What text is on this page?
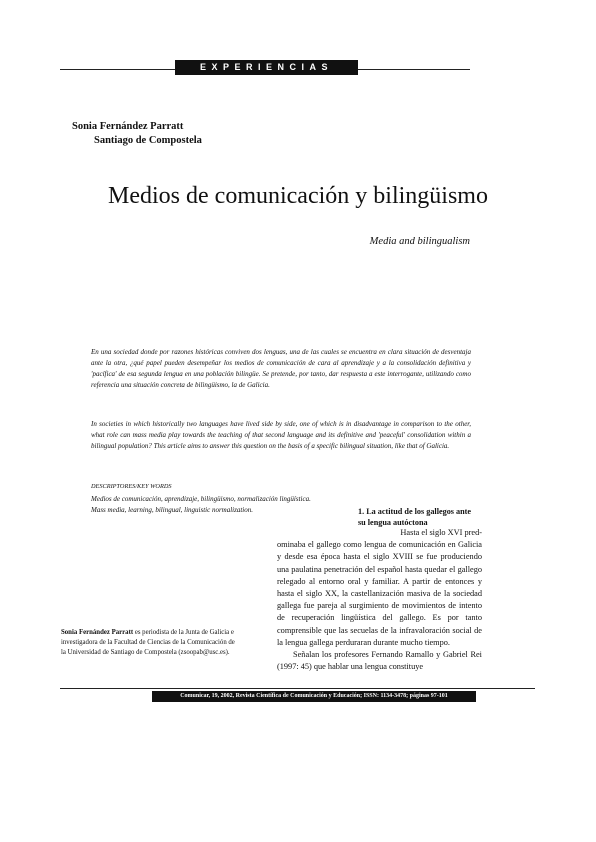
EXPERIENCIAS
Sonia Fernández Parratt
Santiago de Compostela
Medios de comunicación y bilingüismo
Media and bilingualism
En una sociedad donde por razones históricas conviven dos lenguas, una de las cuales se encuentra en clara situación de desventaja ante la otra, ¿qué papel pueden desempeñar los medios de comunicación de cara al aprendizaje y a la consolidación definitiva y 'pacífica' de esa segunda lengua en una población bilingüe. Se pretende, por tanto, dar respuesta a este interrogante, utilizando como referencia una situación concreta de bilingüismo, la de Galicia.
In societies in which historically two languages have lived side by side, one of which is in disadvantage in comparison to the other, what role can mass media play towards the teaching of that second language and its definitive and 'peaceful' consolidation within a bilingual population? This article aims to answer this question on the basis of a specific bilingual situation, like that of Galicia.
DESCRIPTORES/KEY WORDS
Medios de comunicación, aprendizaje, bilingüismo, normalización lingüística.
Mass media, learning, bilingual, linguistic normalization.	1. La actitud de los gallegos ante su lengua autóctona

Hasta el siglo XVI pred-

ominaba el gallego como lengua de comunicación en Galicia y desde esa época hasta el siglo XVIII se fue produciendo una paulatina penetración del español hasta quedar el gallego relegado al entorno oral y familiar. A partir de entonces y hasta el siglo XX, la castellanización masiva de la sociedad gallega fue pareja al surgimiento de movimientos de intento de recuperación lingüística del gallego. Es por tanto comprensible que las secuelas de la infravaloración social de la lengua gallega perduraran durante mucho tiempo.

Señalan los profesores Fernando Ramallo y Gabriel Rei (1997: 45) que hablar una lengua constituye

Sonia Fernández Parratt es periodista de la Junta de Galicia e investigadora de la Facultad de Ciencias de la Comunicación de la Universidad de Santiago de Compostela (zsoopab@usc.es).
Comunicar, 19, 2002, Revista Científica de Comunicación y Educación; ISSN: 1134-3478; páginas 97-101
